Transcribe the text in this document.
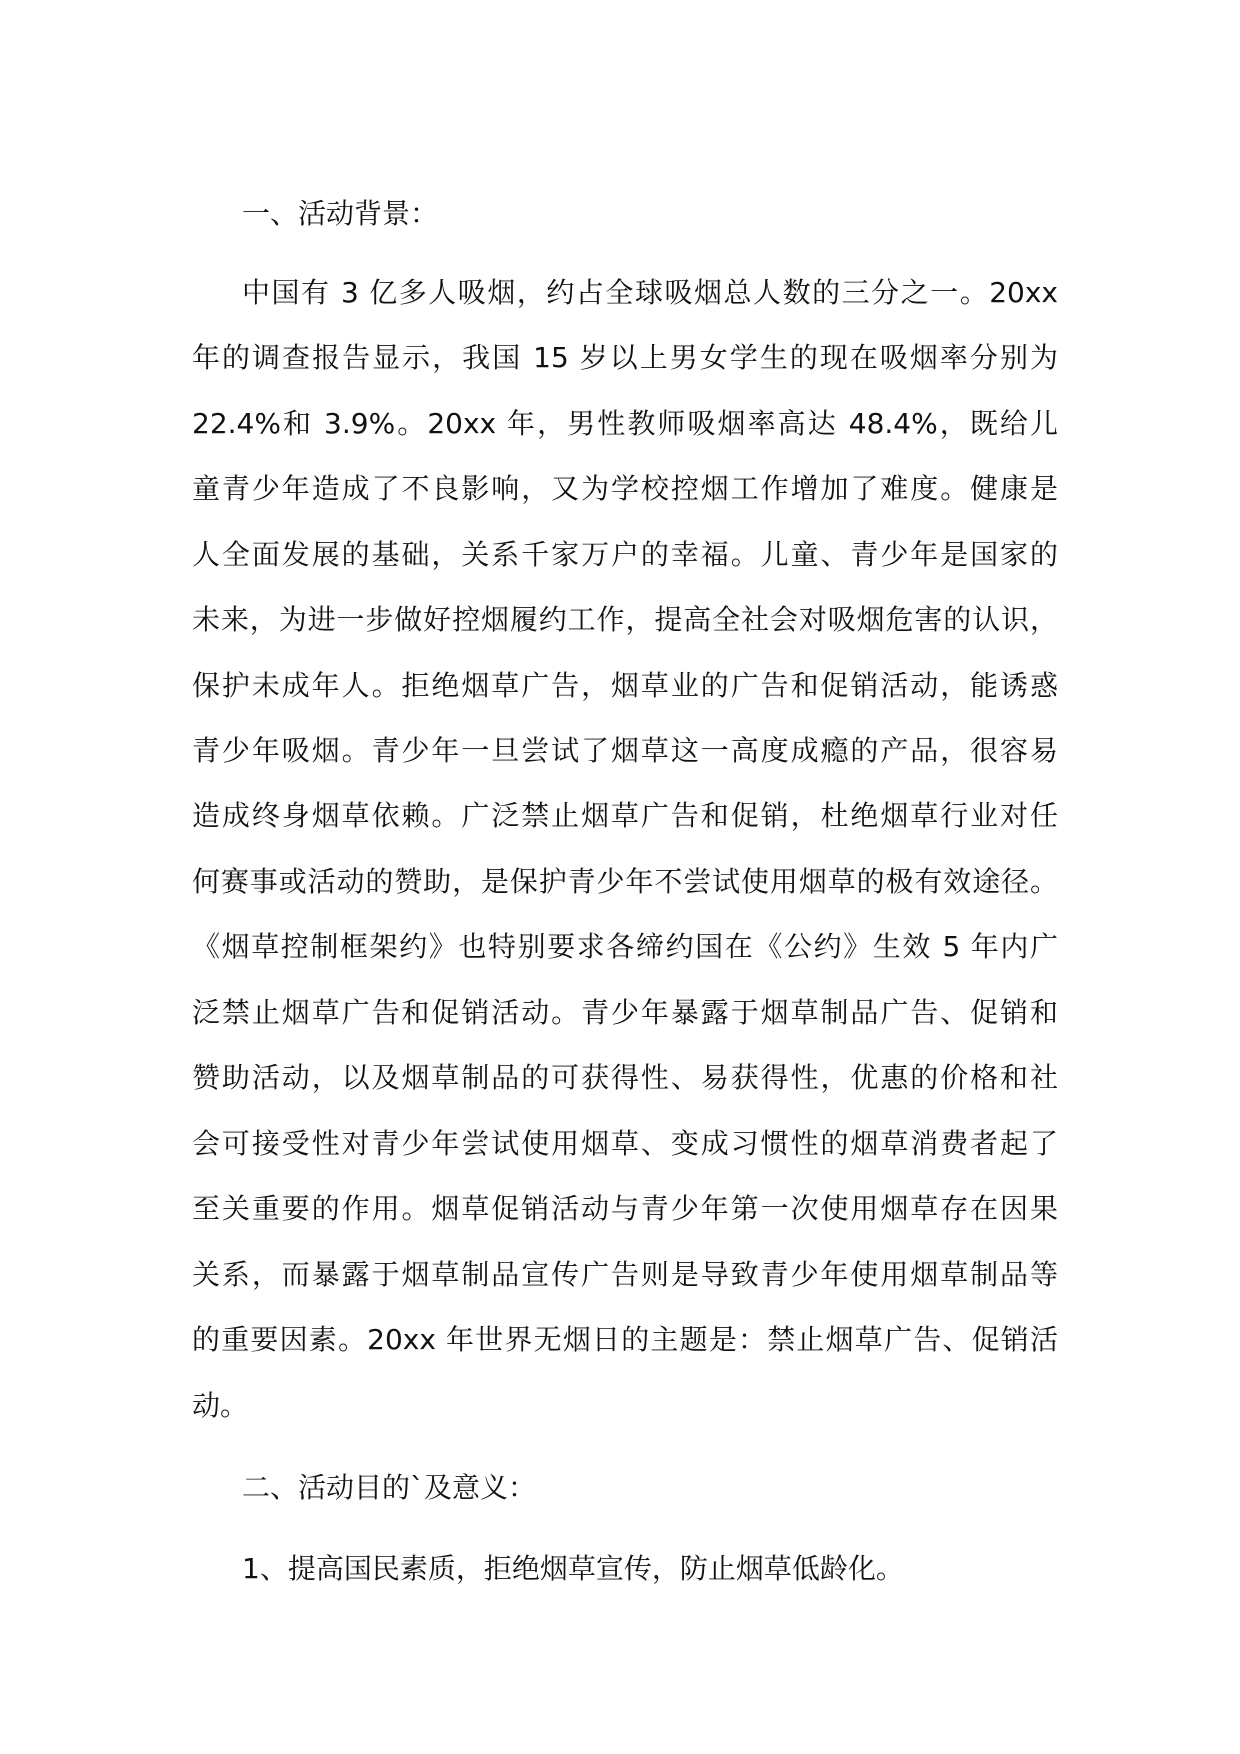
一、活动背景：
中国有 3 亿多人吸烟，约占全球吸烟总人数的三分之一。20xx
年的调查报告显示，我国 15 岁以上男女学生的现在吸烟率分别为
22.4%和 3.9%。20xx 年，男性教师吸烟率高达 48.4%，既给儿
童青少年造成了不良影响，又为学校控烟工作增加了难度。健康是
人全面发展的基础，关系千家万户的幸福。儿童、青少年是国家的
未来，为进一步做好控烟履约工作，提高全社会对吸烟危害的认识，
保护未成年人。拒绝烟草广告，烟草业的广告和促销活动，能诱惑
青少年吸烟。青少年一旦尝试了烟草这一高度成瘾的产品，很容易
造成终身烟草依赖。广泛禁止烟草广告和促销，杜绝烟草行业对任
何赛事或活动的赞助，是保护青少年不尝试使用烟草的极有效途径。
《烟草控制框架约》也特别要求各缔约国在《公约》生效 5 年内广
泛禁止烟草广告和促销活动。青少年暴露于烟草制品广告、促销和
赞助活动，以及烟草制品的可获得性、易获得性，优惠的价格和社
会可接受性对青少年尝试使用烟草、变成习惯性的烟草消费者起了
至关重要的作用。烟草促销活动与青少年第一次使用烟草存在因果
关系，而暴露于烟草制品宣传广告则是导致青少年使用烟草制品等
的重要因素。20xx 年世界无烟日的主题是：禁止烟草广告、促销活
动。
二、活动目的`及意义：
1、提高国民素质，拒绝烟草宣传，防止烟草低龄化。
